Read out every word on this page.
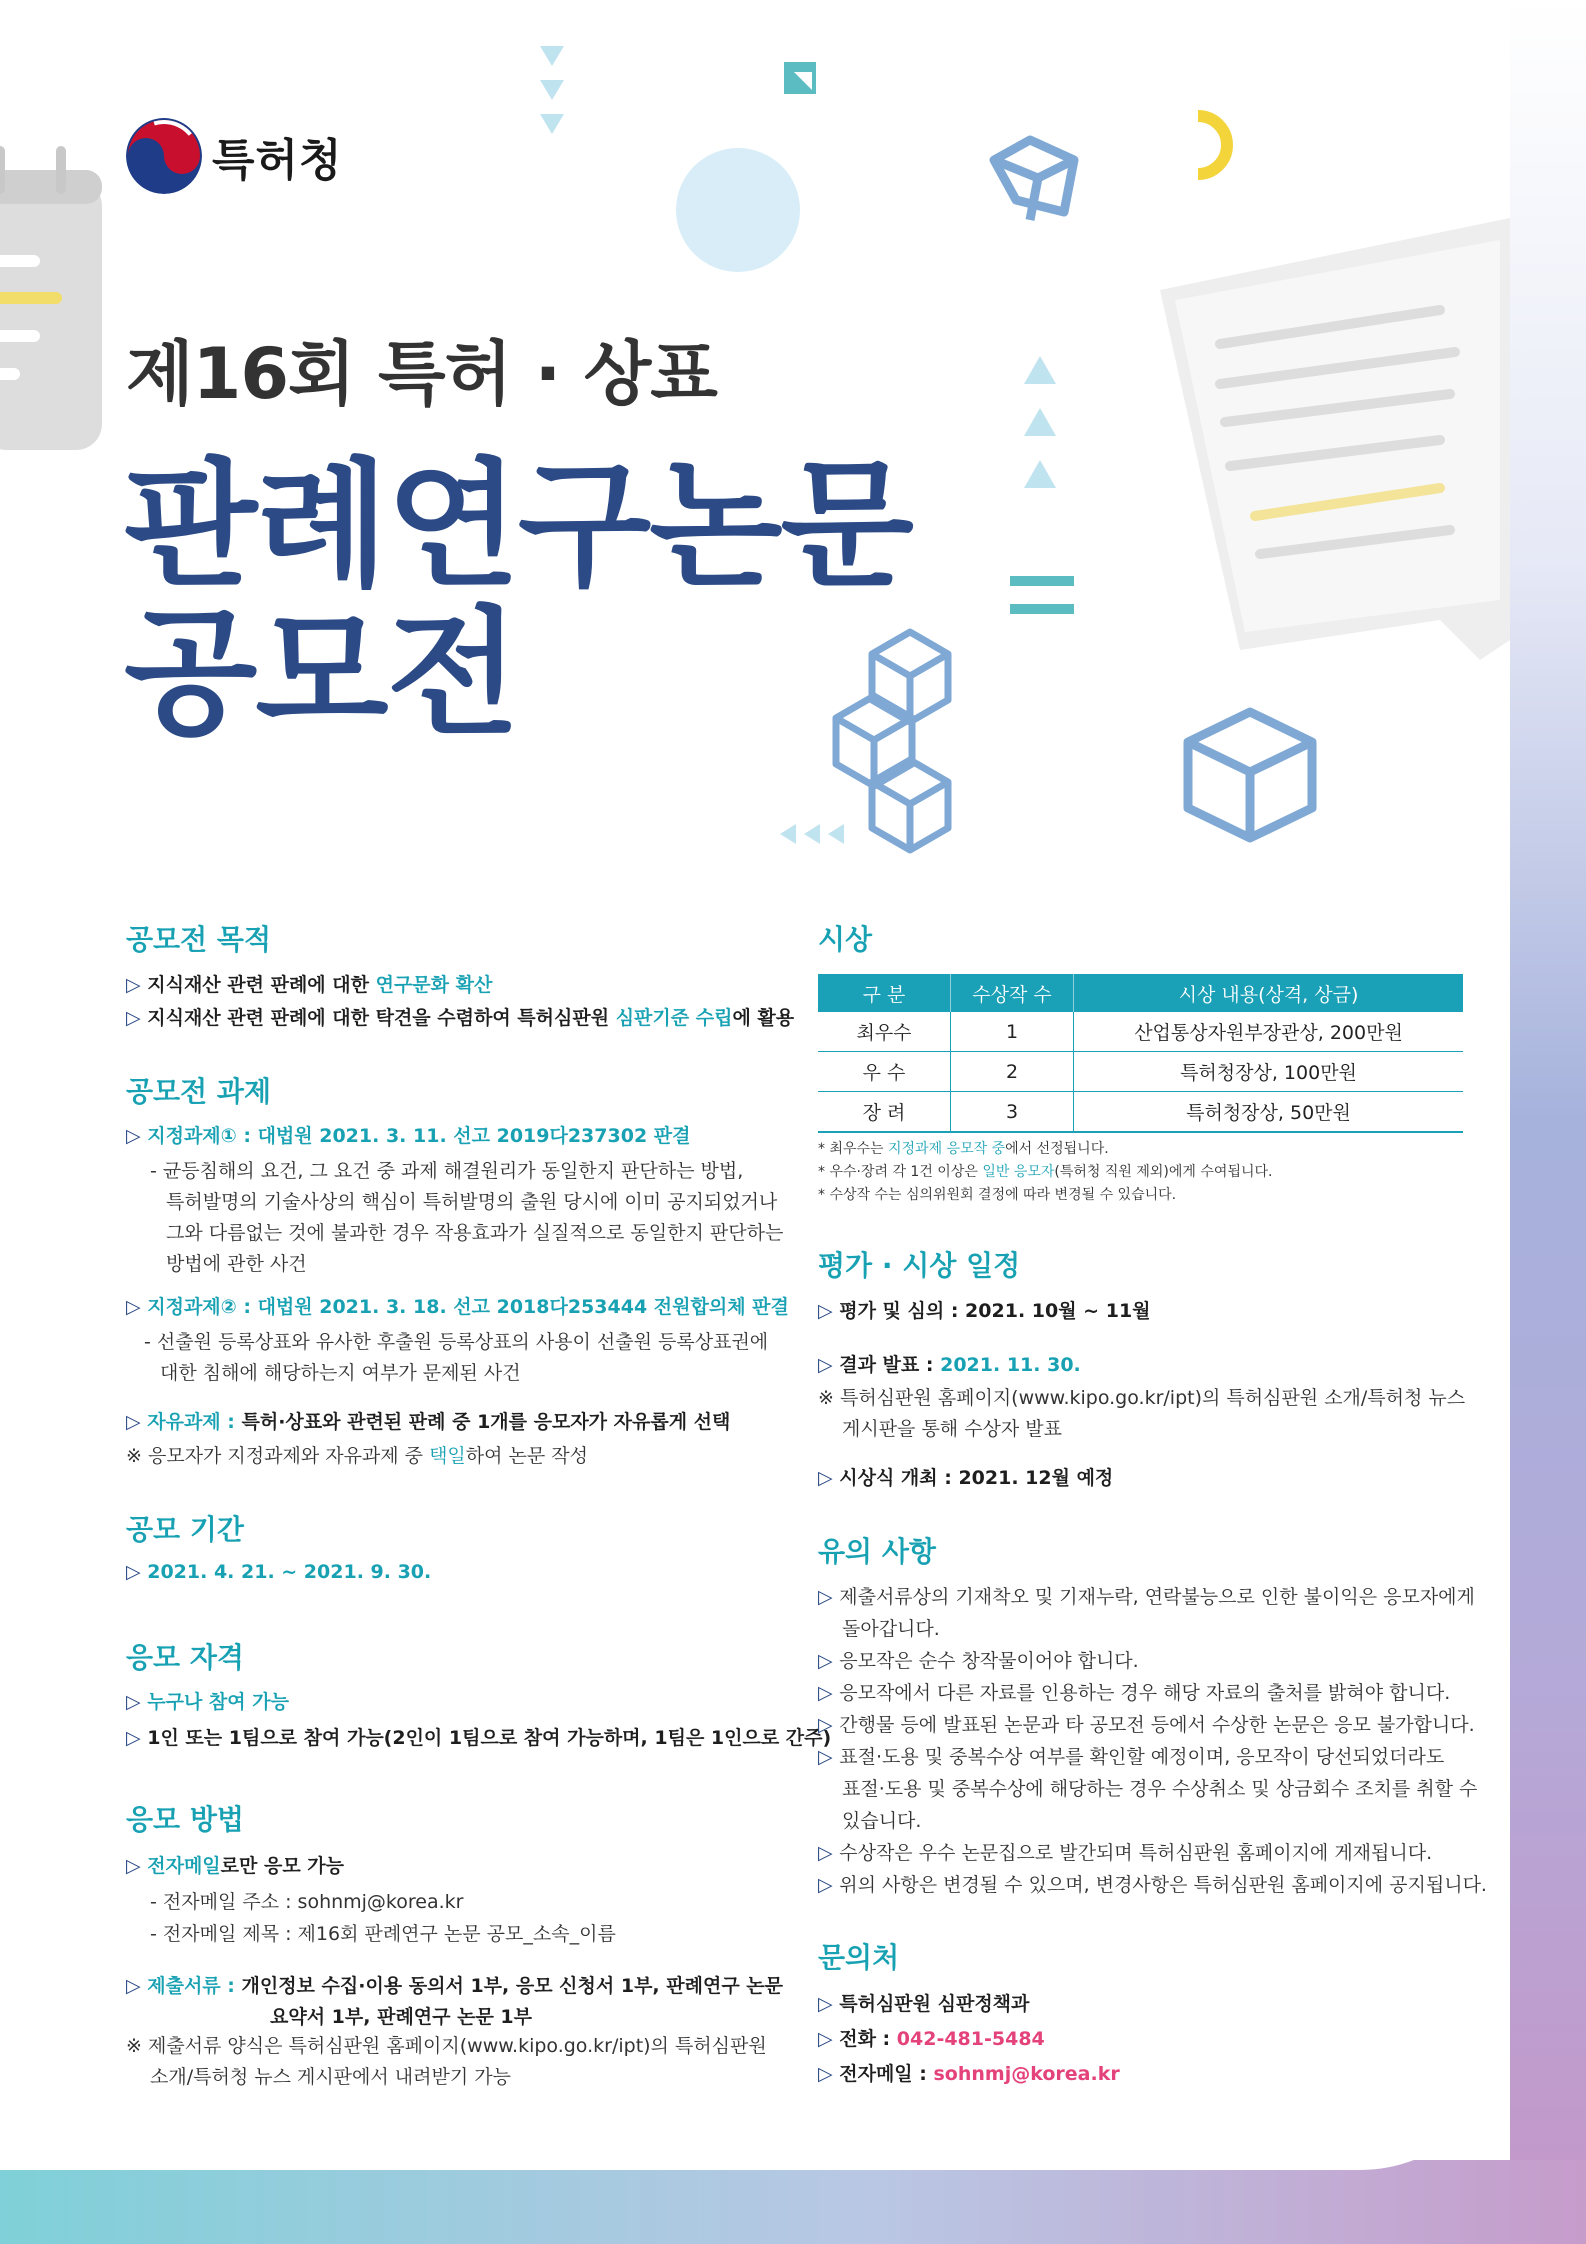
특허청
제16회 특허 · 상표
판례연구논문
공모전
공모전 목적
▷ 지식재산 관련 판례에 대한 연구문화 확산
▷ 지식재산 관련 판례에 대한 탁견을 수렴하여 특허심판원 심판기준 수립에 활용
공모전 과제
▷ 지정과제① : 대법원 2021. 3. 11. 선고 2019다237302 판결
- 균등침해의 요건, 그 요건 중 과제 해결원리가 동일한지 판단하는 방법,
특허발명의 기술사상의 핵심이 특허발명의 출원 당시에 이미 공지되었거나
그와 다름없는 것에 불과한 경우 작용효과가 실질적으로 동일한지 판단하는
방법에 관한 사건
▷ 지정과제② : 대법원 2021. 3. 18. 선고 2018다253444 전원합의체 판결
- 선출원 등록상표와 유사한 후출원 등록상표의 사용이 선출원 등록상표권에
대한 침해에 해당하는지 여부가 문제된 사건
▷ 자유과제 : 특허·상표와 관련된 판례 중 1개를 응모자가 자유롭게 선택
※ 응모자가 지정과제와 자유과제 중 택일하여 논문 작성
공모 기간
▷ 2021. 4. 21. ~ 2021. 9. 30.
응모 자격
▷ 누구나 참여 가능
▷ 1인 또는 1팀으로 참여 가능(2인이 1팀으로 참여 가능하며, 1팀은 1인으로 간주)
응모 방법
▷ 전자메일로만 응모 가능
- 전자메일 주소 : sohnmj@korea.kr
- 전자메일 제목 : 제16회 판례연구 논문 공모_소속_이름
▷ 제출서류 : 개인정보 수집·이용 동의서 1부, 응모 신청서 1부, 판례연구 논문
요약서 1부, 판례연구 논문 1부
※ 제출서류 양식은 특허심판원 홈페이지(www.kipo.go.kr/ipt)의 특허심판원
소개/특허청 뉴스 게시판에서 내려받기 가능
시상
구 분	수상작 수	시상 내용(상격, 상금)
최우수	1	산업통상자원부장관상, 200만원
우 수	2	특허청장상, 100만원
장 려	3	특허청장상, 50만원
* 최우수는 지정과제 응모작 중에서 선정됩니다.
* 우수·장려 각 1건 이상은 일반 응모자(특허청 직원 제외)에게 수여됩니다.
* 수상작 수는 심의위원회 결정에 따라 변경될 수 있습니다.
평가 · 시상 일정
▷ 평가 및 심의 : 2021. 10월 ~ 11월
▷ 결과 발표 : 2021. 11. 30.
※ 특허심판원 홈페이지(www.kipo.go.kr/ipt)의 특허심판원 소개/특허청 뉴스
게시판을 통해 수상자 발표
▷ 시상식 개최 : 2021. 12월 예정
유의 사항
▷ 제출서류상의 기재착오 및 기재누락, 연락불능으로 인한 불이익은 응모자에게
돌아갑니다.
▷ 응모작은 순수 창작물이어야 합니다.
▷ 응모작에서 다른 자료를 인용하는 경우 해당 자료의 출처를 밝혀야 합니다.
▷ 간행물 등에 발표된 논문과 타 공모전 등에서 수상한 논문은 응모 불가합니다.
▷ 표절·도용 및 중복수상 여부를 확인할 예정이며, 응모작이 당선되었더라도
표절·도용 및 중복수상에 해당하는 경우 수상취소 및 상금회수 조치를 취할 수
있습니다.
▷ 수상작은 우수 논문집으로 발간되며 특허심판원 홈페이지에 게재됩니다.
▷ 위의 사항은 변경될 수 있으며, 변경사항은 특허심판원 홈페이지에 공지됩니다.
문의처
▷ 특허심판원 심판정책과
▷ 전화 : 042-481-5484
▷ 전자메일 : sohnmj@korea.kr
